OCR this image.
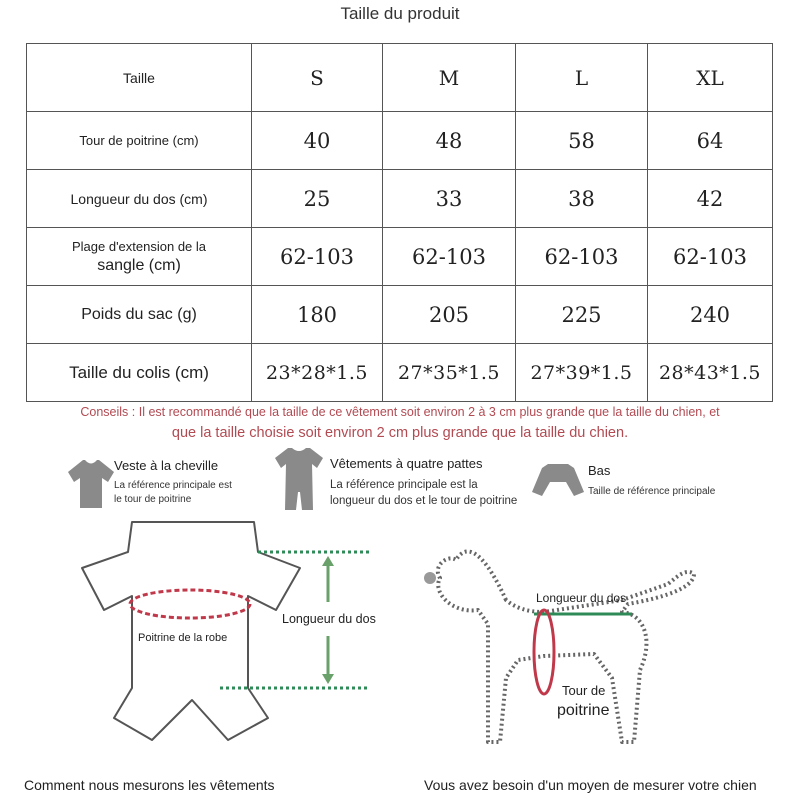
Taille du produit
Taille	S	M	L	XL
Tour de poitrine (cm)	40	48	58	64
Longueur du dos (cm)	25	33	38	42

Plage d'extension de la
sangle (cm)	62-103	62-103	62-103	62-103
Poids du sac (g)	180	205	225	240
Taille du colis (cm)	23*28*1.5	27*35*1.5	27*39*1.5	28*43*1.5
Conseils : Il est recommandé que la taille de ce vêtement soit environ 2 à 3 cm plus grande que la taille du chien, et
que la taille choisie soit environ 2 cm plus grande que la taille du chien.
Veste à la cheville
La référence principale est
le tour de poitrine
Vêtements à quatre pattes
La référence principale est la
longueur du dos et le tour de poitrine
Bas
Taille de référence principale
Longueur du dos
Poitrine de la robe
Longueur du dos
Tour de
poitrine
Comment nous mesurons les vêtements	Vous avez besoin d'un moyen de mesurer votre chien
